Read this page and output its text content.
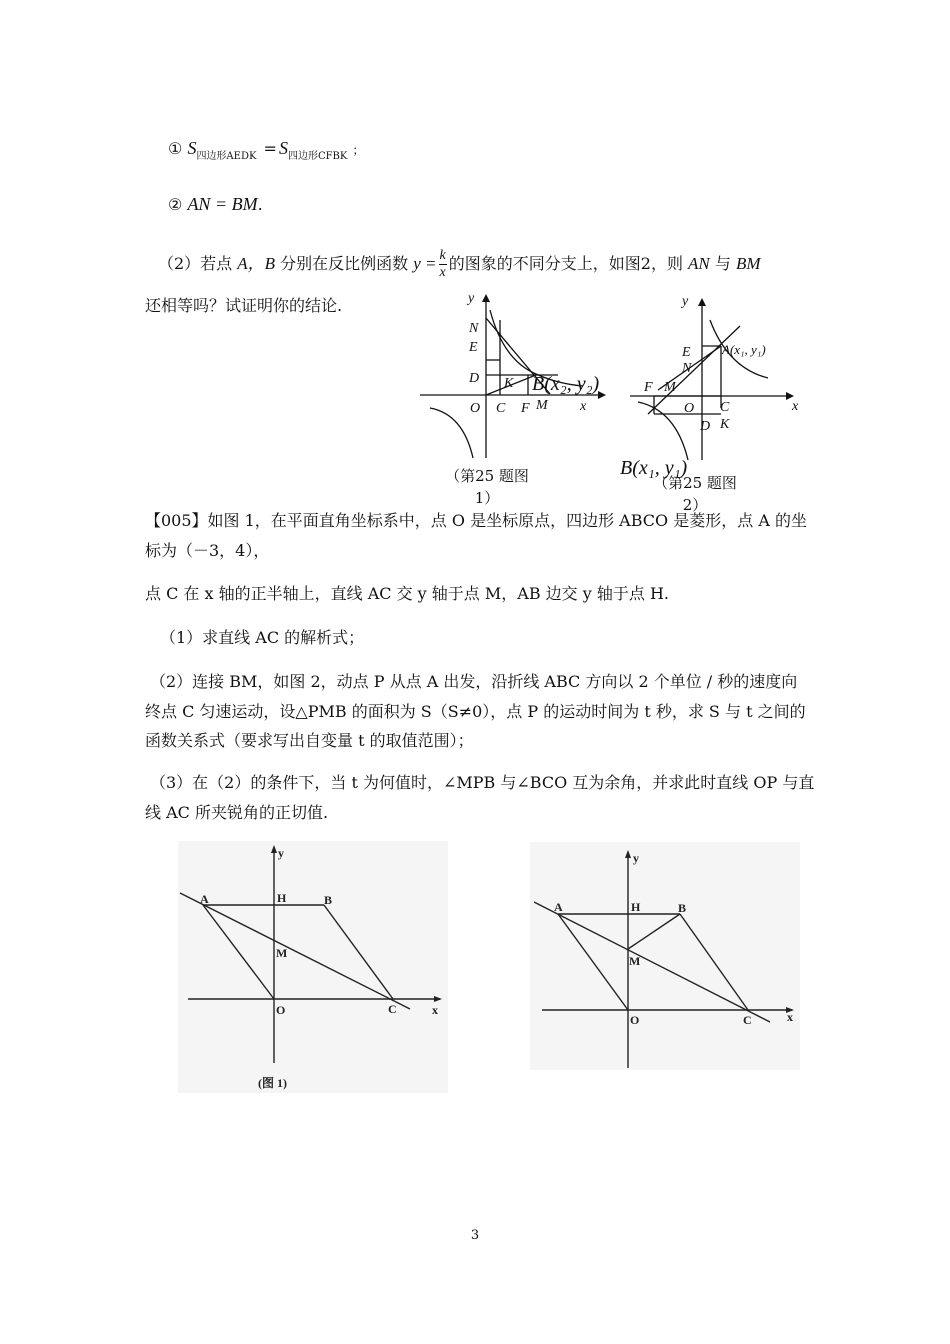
① $S_{四边形AEDK} = S_{四边形CFBK}$ ；
② AN = BM.
（2）若点 A，B 分别在反比例函数 $y = \frac{k}{x}$ 的图象的不同分支上，如图2，则 AN 与 BM
还相等吗？试证明你的结论.	y
N
E
D K
O C F M
B(x₂, y₂)
x
（第25 题图
1）
y
A(x₁, y₁)
E
N
F M
O C
D K
x
B(x₁, y₁)
（第25 题图
2）
【005】如图 1，在平面直角坐标系中，点 O 是坐标原点，四边形 ABCO 是菱形，点 A 的坐
标为（－3，4），
点 C 在 x 轴的正半轴上，直线 AC 交 y 轴于点 M，AB 边交 y 轴于点 H.
（1）求直线 AC 的解析式；
（2）连接 BM，如图 2，动点 P 从点 A 出发，沿折线 ABC 方向以 2 个单位 / 秒的速度向
终点 C 匀速运动，设△PMB 的面积为 S（S≠0），点 P 的运动时间为 t 秒，求 S 与 t 之间的
函数关系式（要求写出自变量 t 的取值范围）；
（3）在（2）的条件下，当 t 为何值时，∠MPB 与∠BCO 互为余角，并求此时直线 OP 与直
线 AC 所夹锐角的正切值.
y
A	H	B
M
O	C	x
(图 1)
y
A	H	B
M
O	C	x
3
